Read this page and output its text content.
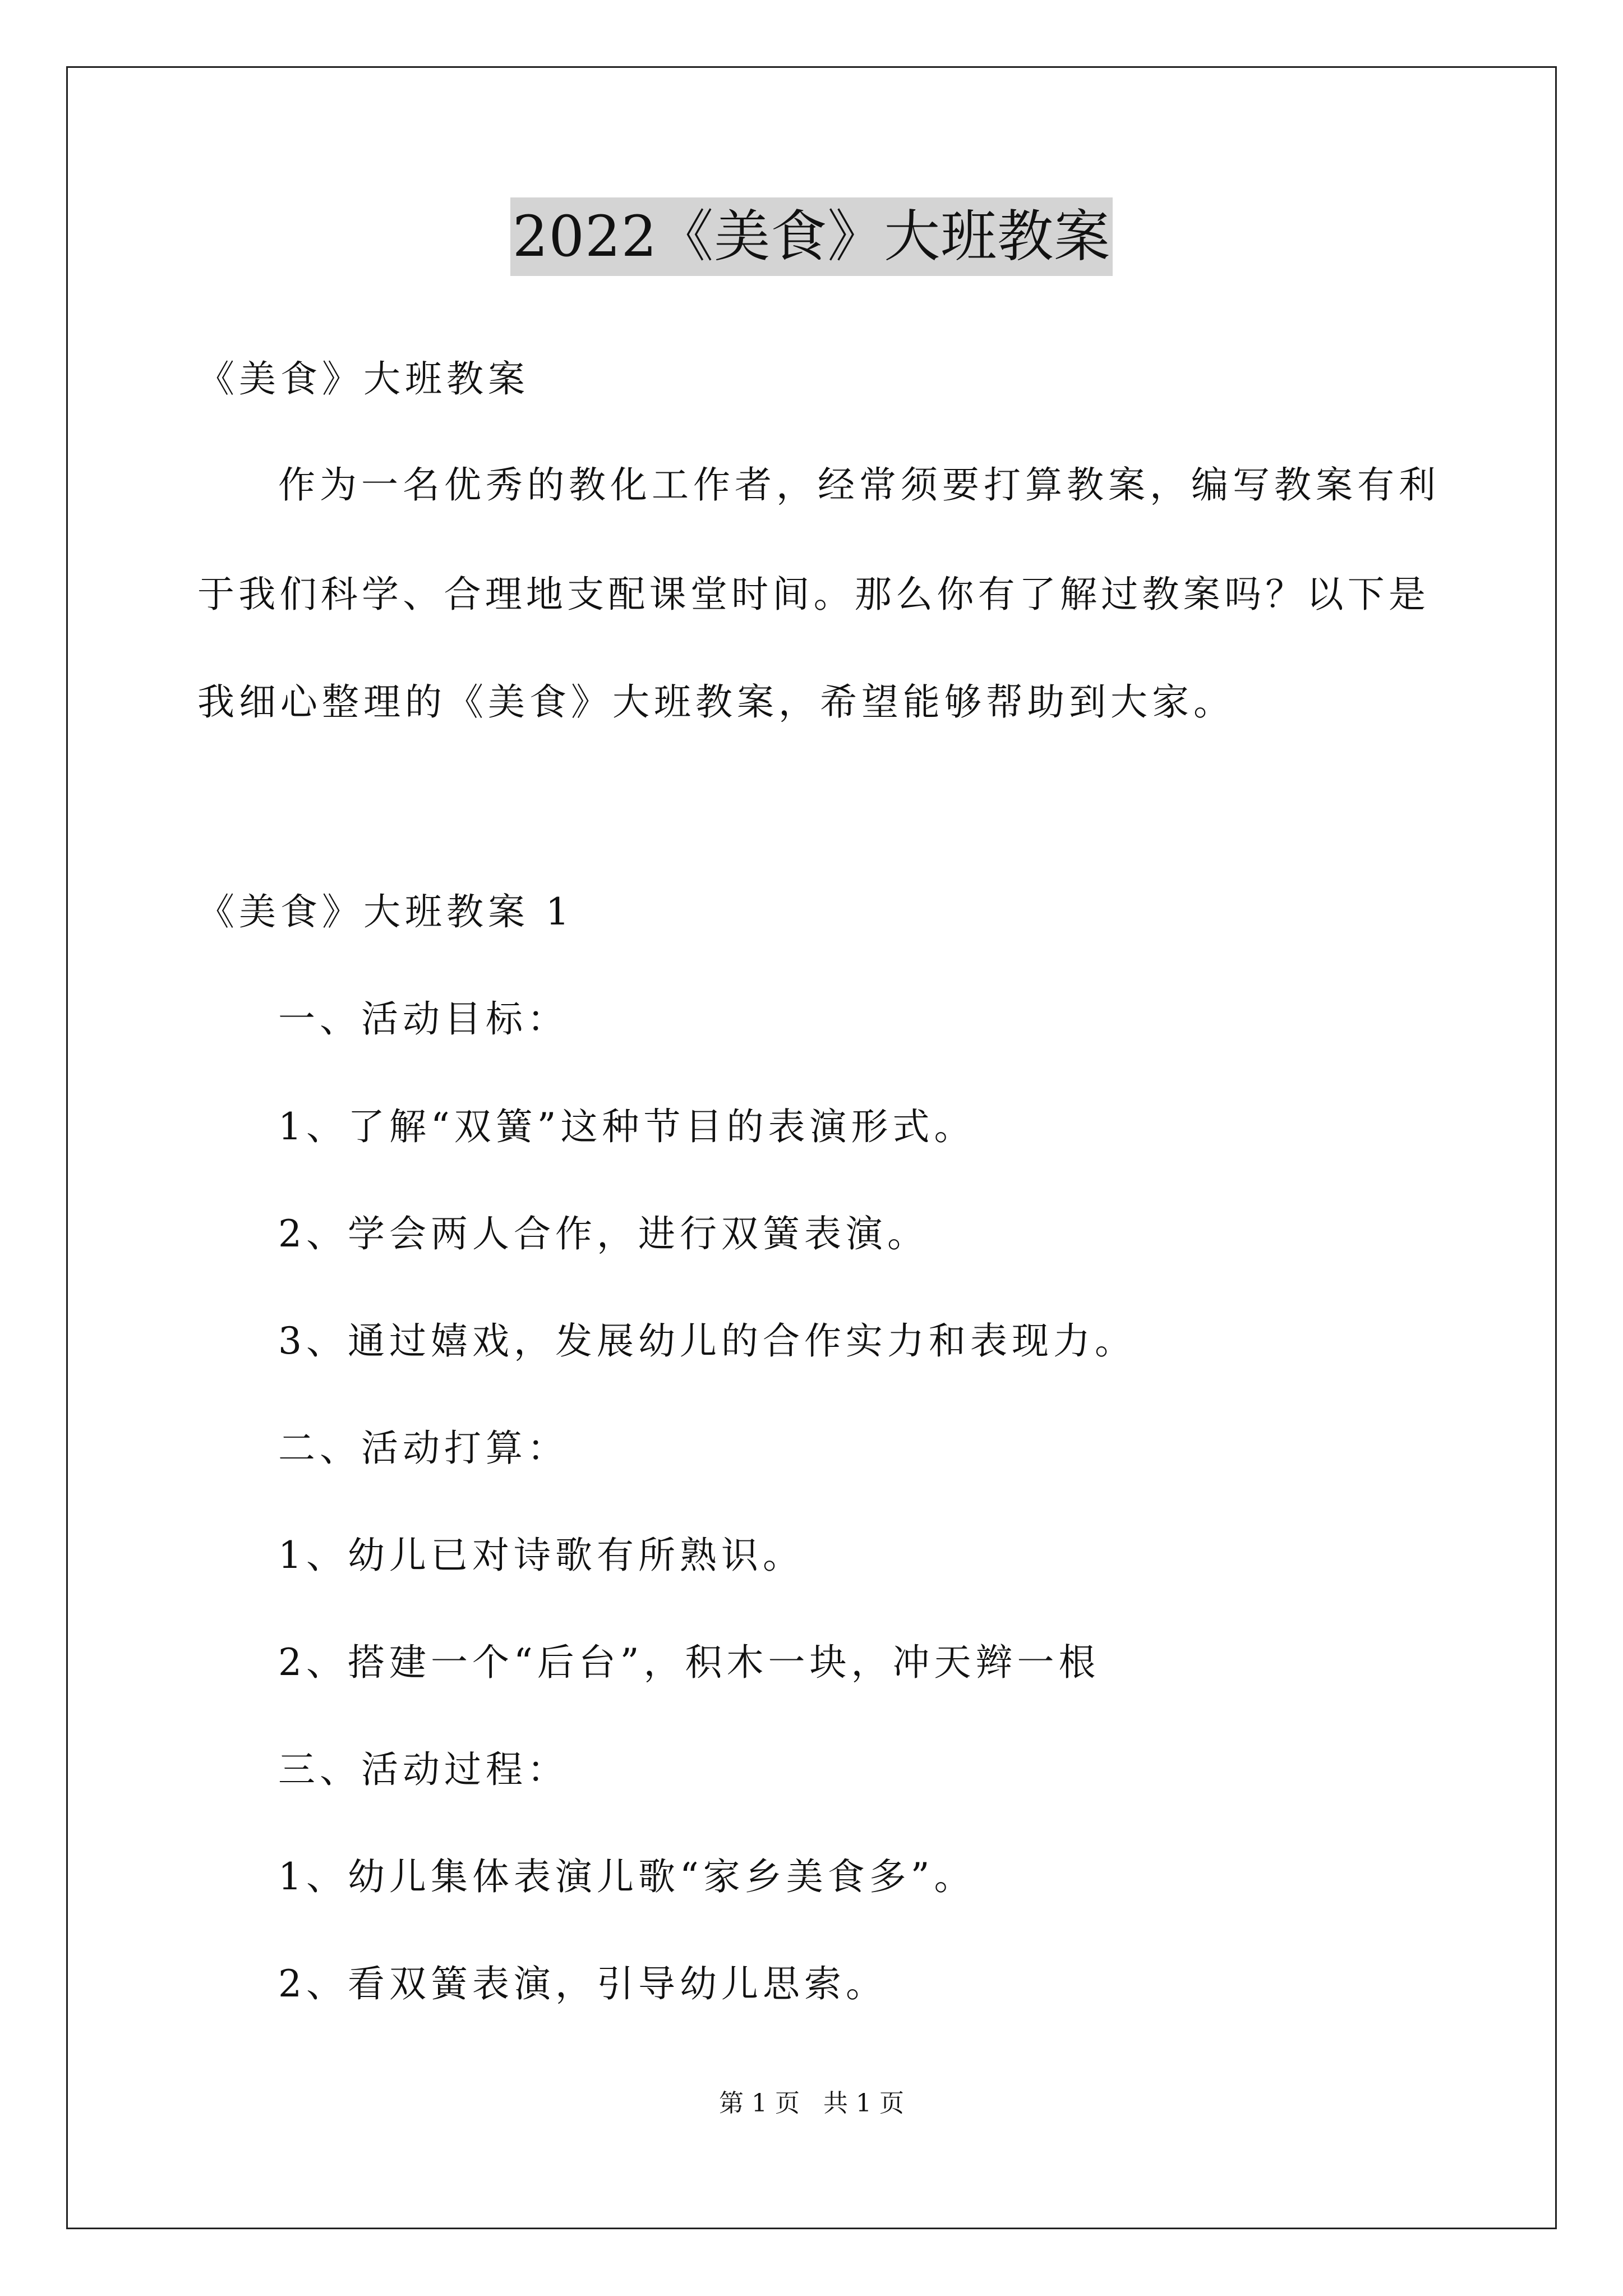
2022《美食》大班教案
《美食》大班教案
作为一名优秀的教化工作者，经常须要打算教案，编写教案有利
于我们科学、合理地支配课堂时间。那么你有了解过教案吗？以下是
我细心整理的《美食》大班教案，希望能够帮助到大家。
《美食》大班教案 1
一、活动目标：
1、了解“双簧”这种节目的表演形式。
2、学会两人合作，进行双簧表演。
3、通过嬉戏，发展幼儿的合作实力和表现力。
二、活动打算：
1、幼儿已对诗歌有所熟识。
2、搭建一个“后台”，积木一块，冲天辫一根
三、活动过程：
1、幼儿集体表演儿歌“家乡美食多”。
2、看双簧表演，引导幼儿思索。
第 1 页   共 1 页
